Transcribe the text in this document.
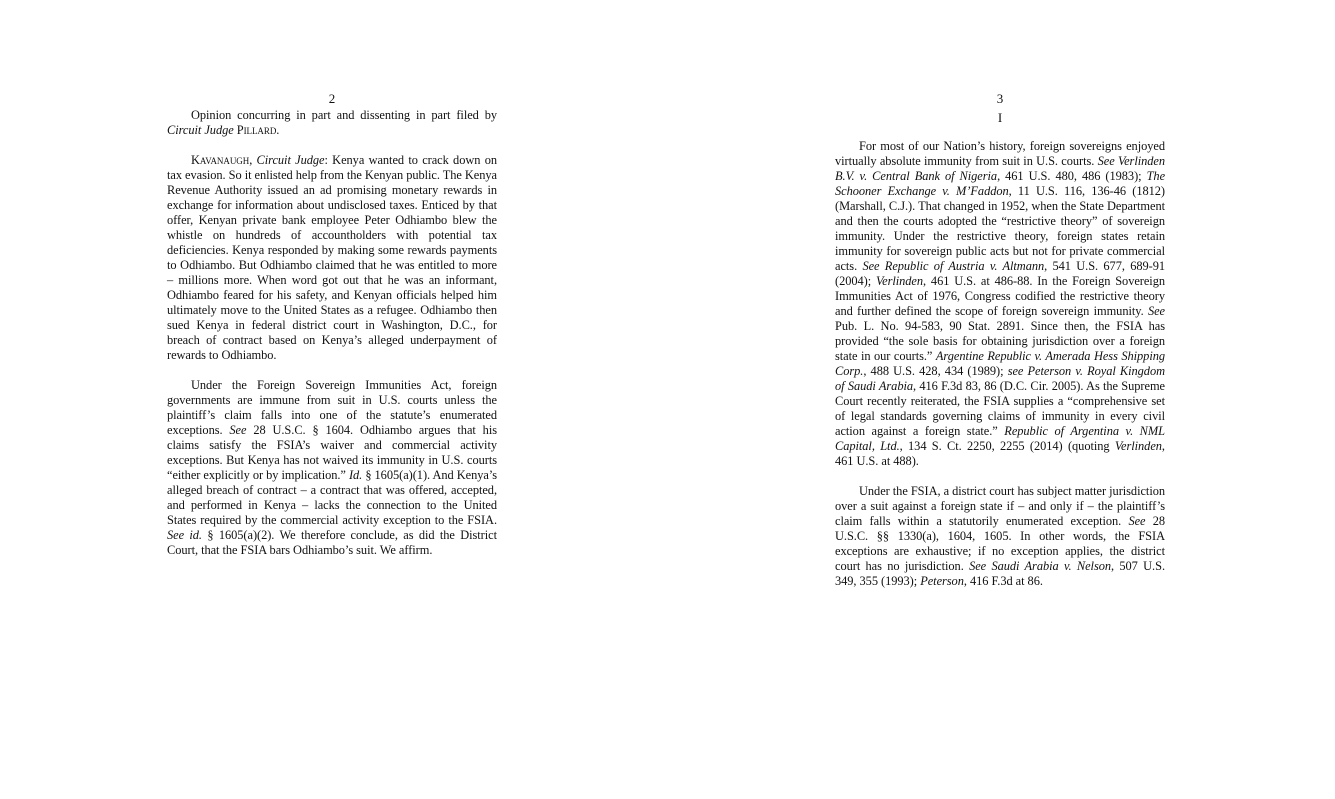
2

Opinion concurring in part and dissenting in part filed by Circuit Judge Pillard.

Kavanaugh, Circuit Judge: Kenya wanted to crack down on tax evasion. So it enlisted help from the Kenyan public. The Kenya Revenue Authority issued an ad promising monetary rewards in exchange for information about undisclosed taxes. Enticed by that offer, Kenyan private bank employee Peter Odhiambo blew the whistle on hundreds of accountholders with potential tax deficiencies. Kenya responded by making some rewards payments to Odhiambo. But Odhiambo claimed that he was entitled to more – millions more. When word got out that he was an informant, Odhiambo feared for his safety, and Kenyan officials helped him ultimately move to the United States as a refugee. Odhiambo then sued Kenya in federal district court in Washington, D.C., for breach of contract based on Kenya’s alleged underpayment of rewards to Odhiambo.

Under the Foreign Sovereign Immunities Act, foreign governments are immune from suit in U.S. courts unless the plaintiff’s claim falls into one of the statute’s enumerated exceptions. See 28 U.S.C. § 1604. Odhiambo argues that his claims satisfy the FSIA’s waiver and commercial activity exceptions. But Kenya has not waived its immunity in U.S. courts “either explicitly or by implication.” Id. § 1605(a)(1). And Kenya’s alleged breach of contract – a contract that was offered, accepted, and performed in Kenya – lacks the connection to the United States required by the commercial activity exception to the FSIA. See id. § 1605(a)(2). We therefore conclude, as did the District Court, that the FSIA bars Odhiambo’s suit. We affirm.

3
I

For most of our Nation’s history, foreign sovereigns enjoyed virtually absolute immunity from suit in U.S. courts. See Verlinden B.V. v. Central Bank of Nigeria, 461 U.S. 480, 486 (1983); The Schooner Exchange v. M’Faddon, 11 U.S. 116, 136-46 (1812) (Marshall, C.J.). That changed in 1952, when the State Department and then the courts adopted the “restrictive theory” of sovereign immunity. Under the restrictive theory, foreign states retain immunity for sovereign public acts but not for private commercial acts. See Republic of Austria v. Altmann, 541 U.S. 677, 689-91 (2004); Verlinden, 461 U.S. at 486-88. In the Foreign Sovereign Immunities Act of 1976, Congress codified the restrictive theory and further defined the scope of foreign sovereign immunity. See Pub. L. No. 94-583, 90 Stat. 2891. Since then, the FSIA has provided “the sole basis for obtaining jurisdiction over a foreign state in our courts.” Argentine Republic v. Amerada Hess Shipping Corp., 488 U.S. 428, 434 (1989); see Peterson v. Royal Kingdom of Saudi Arabia, 416 F.3d 83, 86 (D.C. Cir. 2005). As the Supreme Court recently reiterated, the FSIA supplies a “comprehensive set of legal standards governing claims of immunity in every civil action against a foreign state.” Republic of Argentina v. NML Capital, Ltd., 134 S. Ct. 2250, 2255 (2014) (quoting Verlinden, 461 U.S. at 488).

Under the FSIA, a district court has subject matter jurisdiction over a suit against a foreign state if – and only if – the plaintiff’s claim falls within a statutorily enumerated exception. See 28 U.S.C. §§ 1330(a), 1604, 1605. In other words, the FSIA exceptions are exhaustive; if no exception applies, the district court has no jurisdiction. See Saudi Arabia v. Nelson, 507 U.S. 349, 355 (1993); Peterson, 416 F.3d at 86.
